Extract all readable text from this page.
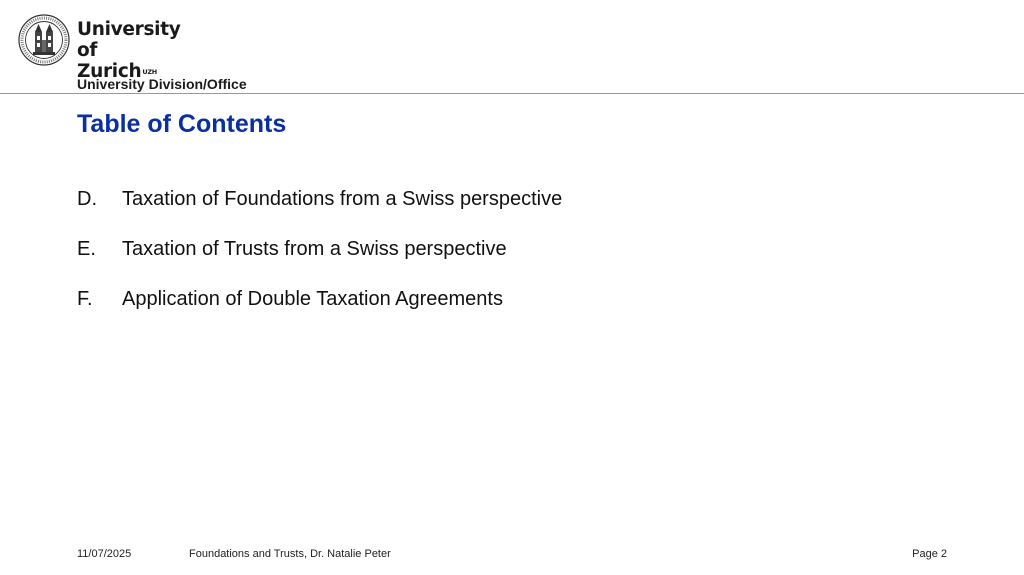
University of
Zurich$^{UZH}$
University Division/Office
Table of Contents
D. Taxation of Foundations from a Swiss perspective
E. Taxation of Trusts from a Swiss perspective
F. Application of Double Taxation Agreements
11/07/2025	Foundations and Trusts, Dr. Natalie Peter	Page 2
